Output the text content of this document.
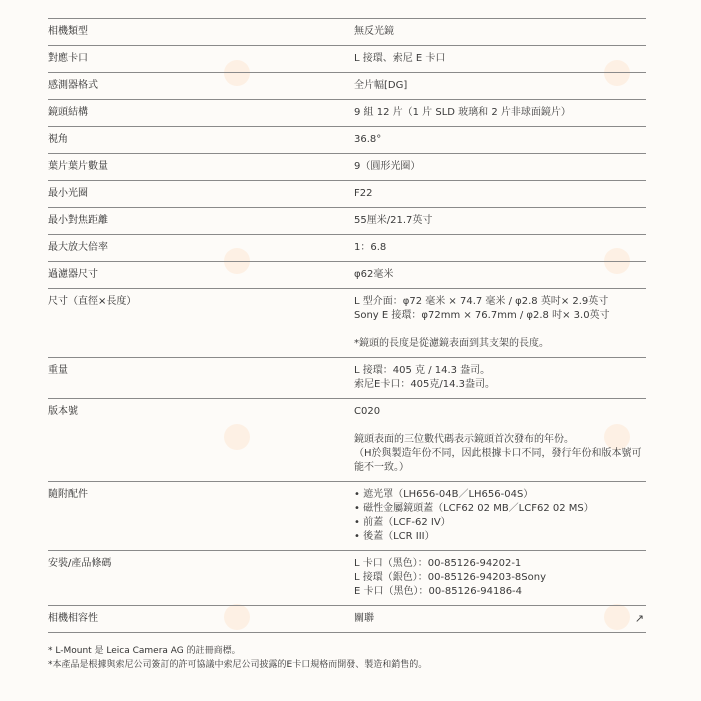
相機類型	無反光鏡

對應卡口	L 接環、索尼 E 卡口

感測器格式	全片幅[DG]

鏡頭結構	9 組 12 片（1 片 SLD 玻璃和 2 片非球面鏡片）

視角	36.8°

葉片葉片數量	9（圓形光圈）

最小光圈	F22

最小對焦距離	55厘米/21.7英寸

最大放大倍率	1：6.8

過濾器尺寸	φ62毫米

尺寸（直徑×長度）	L 型介面：φ72 毫米 × 74.7 毫米 / φ2.8 英吋× 2.9英寸

Sony E 接環：φ72mm × 76.7mm / φ2.8 吋× 3.0英寸

*鏡頭的長度是從濾鏡表面到其支架的長度。

重量	L 接環：405 克 / 14.3 盎司。

索尼E卡口：405克/14.3盎司。

版本號	C020

鏡頭表面的三位數代碼表示鏡頭首次發布的年份。

（H於與製造年份不同，因此根據卡口不同，發行年份和版本號可能不一致。）

隨附配件
•	遮光罩（LH656-04B／LH656-04S）
• 磁性金屬鏡頭蓋（LCF62 02 MB／LCF62 02 MS）
• 前蓋（LCF-62 IV）
• 後蓋（LCR III）
安裝/產品條碼	L 卡口（黑色）：00-85126-94202-1

L 接環（銀色）：00-85126-94203-8Sony

E 卡口（黑色）：00-85126-94186-4

相機相容性	關聯	↗

* L-Mount 是 Leica Camera AG 的註冊商標。

*本產品是根據與索尼公司簽訂的許可協議中索尼公司披露的E卡口規格而開發、製造和銷售的。
